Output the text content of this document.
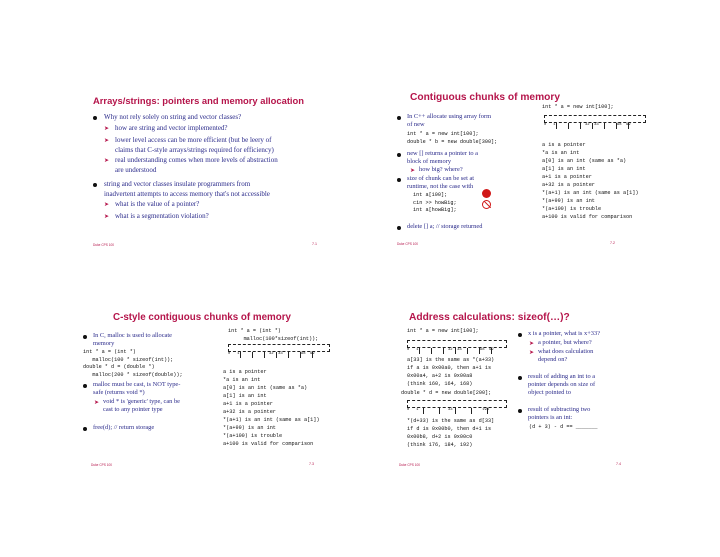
Arrays/strings: pointers and memory allocation
Why not rely solely on string and vector classes?
➤ how are string and vector implemented?
➤ lower level access can be more efficient (but be leery of
claims that C-style arrays/strings required for efficiency)
➤ real understanding comes when more levels of abstraction
are understood
string and vector classes insulate programmers from
inadvertent attempts to access memory that's not accessible
➤ what is the value of a pointer?
➤ what is a segmentation violation?
Duke CPS 100	7.1
Contiguous chunks of memory
int * a = new int[100];
0   1             32  33        98  99
In C++ allocate using array form
of new
int * a = new int[100];
double * b = new double[300];
new [] returns a pointer to a
block of memory
➤ how big? where?
size of chunk can be set at
runtime, not the case with
int a[100];
cin >> howBig;
int a[howBig];
delete [] a; // storage returned
a is a pointer
*a is an int
a[0] is an int (same as *a)
a[1] is an int
a+1 is a pointer
a+32 is a pointer
*(a+1) is an int (same as a[1])
*(a+99) is an int
*(a+100) is trouble
a+100 is valid for comparison
Duke CPS 100	7.2
C-style contiguous chunks of memory
int * a = (int *)
malloc(100*sizeof(int));
0   1             32  33        98  99
In C, malloc is used to allocate
memory
int * a = (int *)
malloc(100 * sizeof(int));
double * d = (double *)
malloc(200 * sizeof(double));
malloc must be cast, is NOT type-
safe (returns void *)
➤ void * is 'generic' type, can be
cast to any pointer type
free(d); // return storage
a is a pointer
*a is an int
a[0] is an int (same as *a)
a[1] is an int
a+1 is a pointer
a+32 is a pointer
*(a+1) is an int (same as a[1])
*(a+99) is an int
*(a+100) is trouble
a+100 is valid for comparison
Duke CPS 100	7.3
Address calculations: sizeof(…)?
int * a = new int[100];
0   1             32  33        98  99
a[33] is the same as *(a+33)
if a is 0x00a0, then a+1 is
0x00a4, a+2 is 0x00a8
(think 160, 164, 168)
double * d = new double[200];
0   1             33             199
*(d+33) is the same as d[33]
if d is 0x00b0, then d+1 is
0x00b8, d+2 is 0x00c0
(think 176, 184, 192)
x is a pointer, what is x+33?
➤ a pointer, but where?
➤ what does calculation
depend on?
result of adding an int to a
pointer depends on size of
object pointed to
result of subtracting two
pointers is an int:
(d + 3) - d == _______
Duke CPS 100	7.4
